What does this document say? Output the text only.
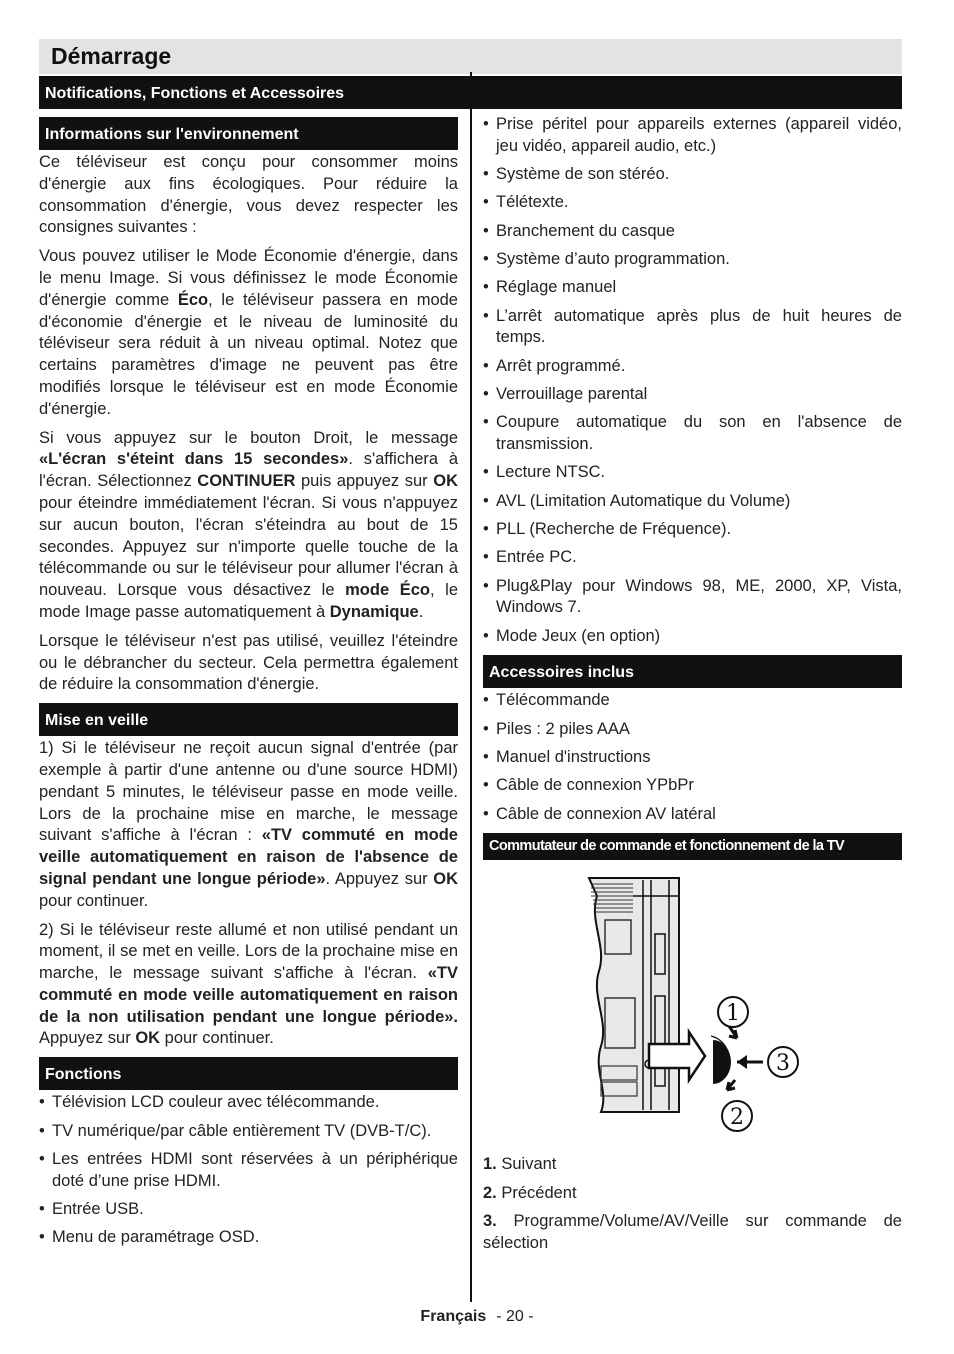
Démarrage
Notifications, Fonctions et Accessoires
Informations sur l'environnement

Ce téléviseur est conçu pour consommer moins d'énergie aux fins écologiques. Pour réduire la consommation d'énergie, vous devez respecter les consignes suivantes :

Vous pouvez utiliser le Mode Économie d'énergie, dans le menu Image. Si vous définissez le mode Économie d'énergie comme Éco, le téléviseur passera en mode d'économie d'énergie et le niveau de luminosité du téléviseur sera réduit à un niveau optimal. Notez que certains paramètres d'image ne peuvent pas être modifiés lorsque le téléviseur est en mode Économie d'énergie.

Si vous appuyez sur le bouton Droit, le message «L'écran s'éteint dans 15 secondes». s'affichera à l'écran. Sélectionnez CONTINUER puis appuyez sur OK pour éteindre immédiatement l'écran. Si vous n'appuyez sur aucun bouton, l'écran s'éteindra au bout de 15 secondes. Appuyez sur n'importe quelle touche de la télécommande ou sur le téléviseur pour allumer l'écran à nouveau. Lorsque vous désactivez le mode Éco, le mode Image passe automatiquement à Dynamique.

Lorsque le téléviseur n'est pas utilisé, veuillez l'éteindre ou le débrancher du secteur. Cela permettra également de réduire la consommation d'énergie.

Mise en veille

1) Si le téléviseur ne reçoit aucun signal d'entrée (par exemple à partir d'une antenne ou d'une source HDMI) pendant 5 minutes, le téléviseur passe en mode veille. Lors de la prochaine mise en marche, le message suivant s'affiche à l'écran : «TV commuté en mode veille automatiquement en raison de l'absence de signal pendant une longue période». Appuyez sur OK pour continuer.

2) Si le téléviseur reste allumé et non utilisé pendant un moment, il se met en veille. Lors de la prochaine mise en marche, le message suivant s'affiche à l'écran. «TV commuté en mode veille automatiquement en raison de la non utilisation pendant une longue période». Appuyez sur OK pour continuer.

Fonctions
• Télévision LCD couleur avec télécommande.
• TV numérique/par câble entièrement TV (DVB-T/C).
• Les entrées HDMI sont réservées à un périphérique doté d’une prise HDMI.
• Entrée USB.
• Menu de paramétrage OSD.
• Prise péritel pour appareils externes (appareil vidéo, jeu vidéo, appareil audio, etc.)
• Système de son stéréo.
• Télétexte.
• Branchement du casque
• Système d’auto programmation.
• Réglage manuel
• L’arrêt automatique après plus de huit heures de temps.
• Arrêt programmé.
• Verrouillage parental
• Coupure automatique du son en l'absence de transmission.
• Lecture NTSC.
• AVL (Limitation Automatique du Volume)
• PLL (Recherche de Fréquence).
• Entrée PC.
• Plug&Play pour Windows 98, ME, 2000, XP, Vista, Windows 7.
• Mode Jeux (en option)
Accessoires inclus
• Télécommande
• Piles : 2 piles AAA
• Manuel d'instructions
• Câble de connexion YPbPr
• Câble de connexion AV latéral
Commutateur de commande et fonctionnement de la TV
1
3
2

1. Suivant

2. Précédent

3. Programme/Volume/AV/Veille sur commande de sélection

Français - 20 -
